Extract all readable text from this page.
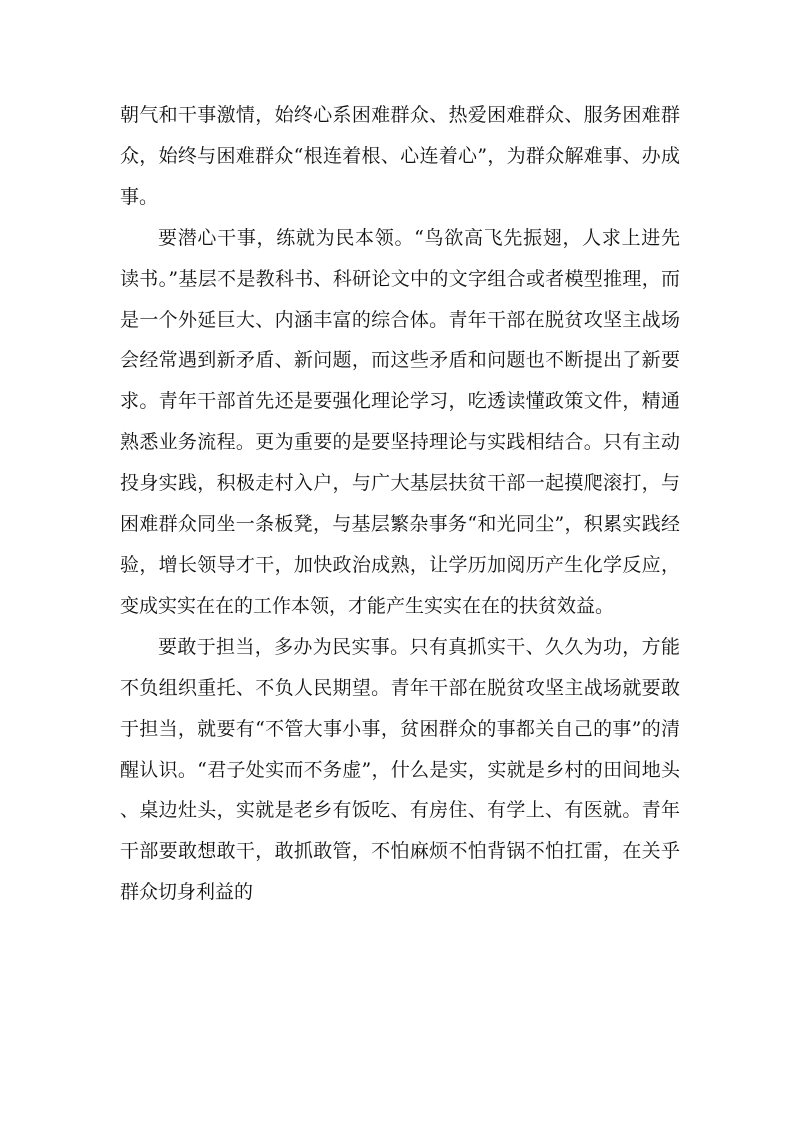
朝气和干事激情，始终心系困难群众、热爱困难群众、服务困难群众，始终与困难群众“根连着根、心连着心”，为群众解难事、办成事。

要潜心干事，练就为民本领。“鸟欲高飞先振翅，人求上进先读书。”基层不是教科书、科研论文中的文字组合或者模型推理，而是一个外延巨大、内涵丰富的综合体。青年干部在脱贫攻坚主战场会经常遇到新矛盾、新问题，而这些矛盾和问题也不断提出了新要求。青年干部首先还是要强化理论学习，吃透读懂政策文件，精通熟悉业务流程。更为重要的是要坚持理论与实践相结合。只有主动投身实践，积极走村入户，与广大基层扶贫干部一起摸爬滚打，与困难群众同坐一条板凳，与基层繁杂事务“和光同尘”，积累实践经验，增长领导才干，加快政治成熟，让学历加阅历产生化学反应，变成实实在在的工作本领，才能产生实实在在的扶贫效益。

要敢于担当，多办为民实事。只有真抓实干、久久为功，方能不负组织重托、不负人民期望。青年干部在脱贫攻坚主战场就要敢于担当，就要有“不管大事小事，贫困群众的事都关自己的事”的清醒认识。“君子处实而不务虚”，什么是实，实就是乡村的田间地头、桌边灶头，实就是老乡有饭吃、有房住、有学上、有医就。青年干部要敢想敢干，敢抓敢管，不怕麻烦不怕背锅不怕扛雷，在关乎群众切身利益的
